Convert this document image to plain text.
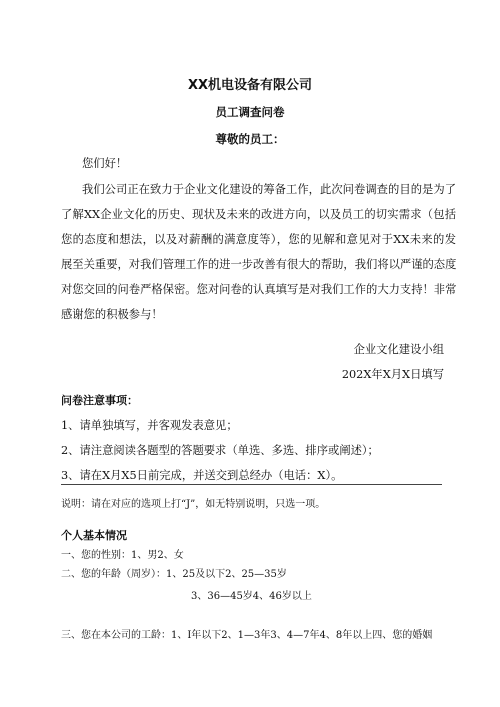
XX机电设备有限公司
员工调查问卷
尊敬的员工：
您们好！
我们公司正在致力于企业文化建设的筹备工作，此次问卷调查的目的是为了
了解XX企业文化的历史、现状及未来的改进方向，以及员工的切实需求（包括
您的态度和想法，以及对薪酬的满意度等），您的见解和意见对于XX未来的发
展至关重要，对我们管理工作的进一步改善有很大的帮助，我们将以严谨的态度
对您交回的问卷严格保密。您对问卷的认真填写是对我们工作的大力支持！非常
感谢您的积极参与！
企业文化建设小组
202X年X月X日填写
问卷注意事项：
1、请单独填写，并客观发表意见；
2、请注意阅读各题型的答题要求（单选、多选、排序或阐述）；
3、请在X月X5日前完成，并送交到总经办（电话：X）。
说明：请在对应的选项上打“J”，如无特别说明，只选一项。
个人基本情况
一、您的性别：1、男2、女
二、您的年龄（周岁）：1、25及以下2、25—35岁
3、36—45岁4、46岁以上
三、您在本公司的工龄：1、I年以下2、1—3年3、4—7年4、8年以上四、您的婚姻
